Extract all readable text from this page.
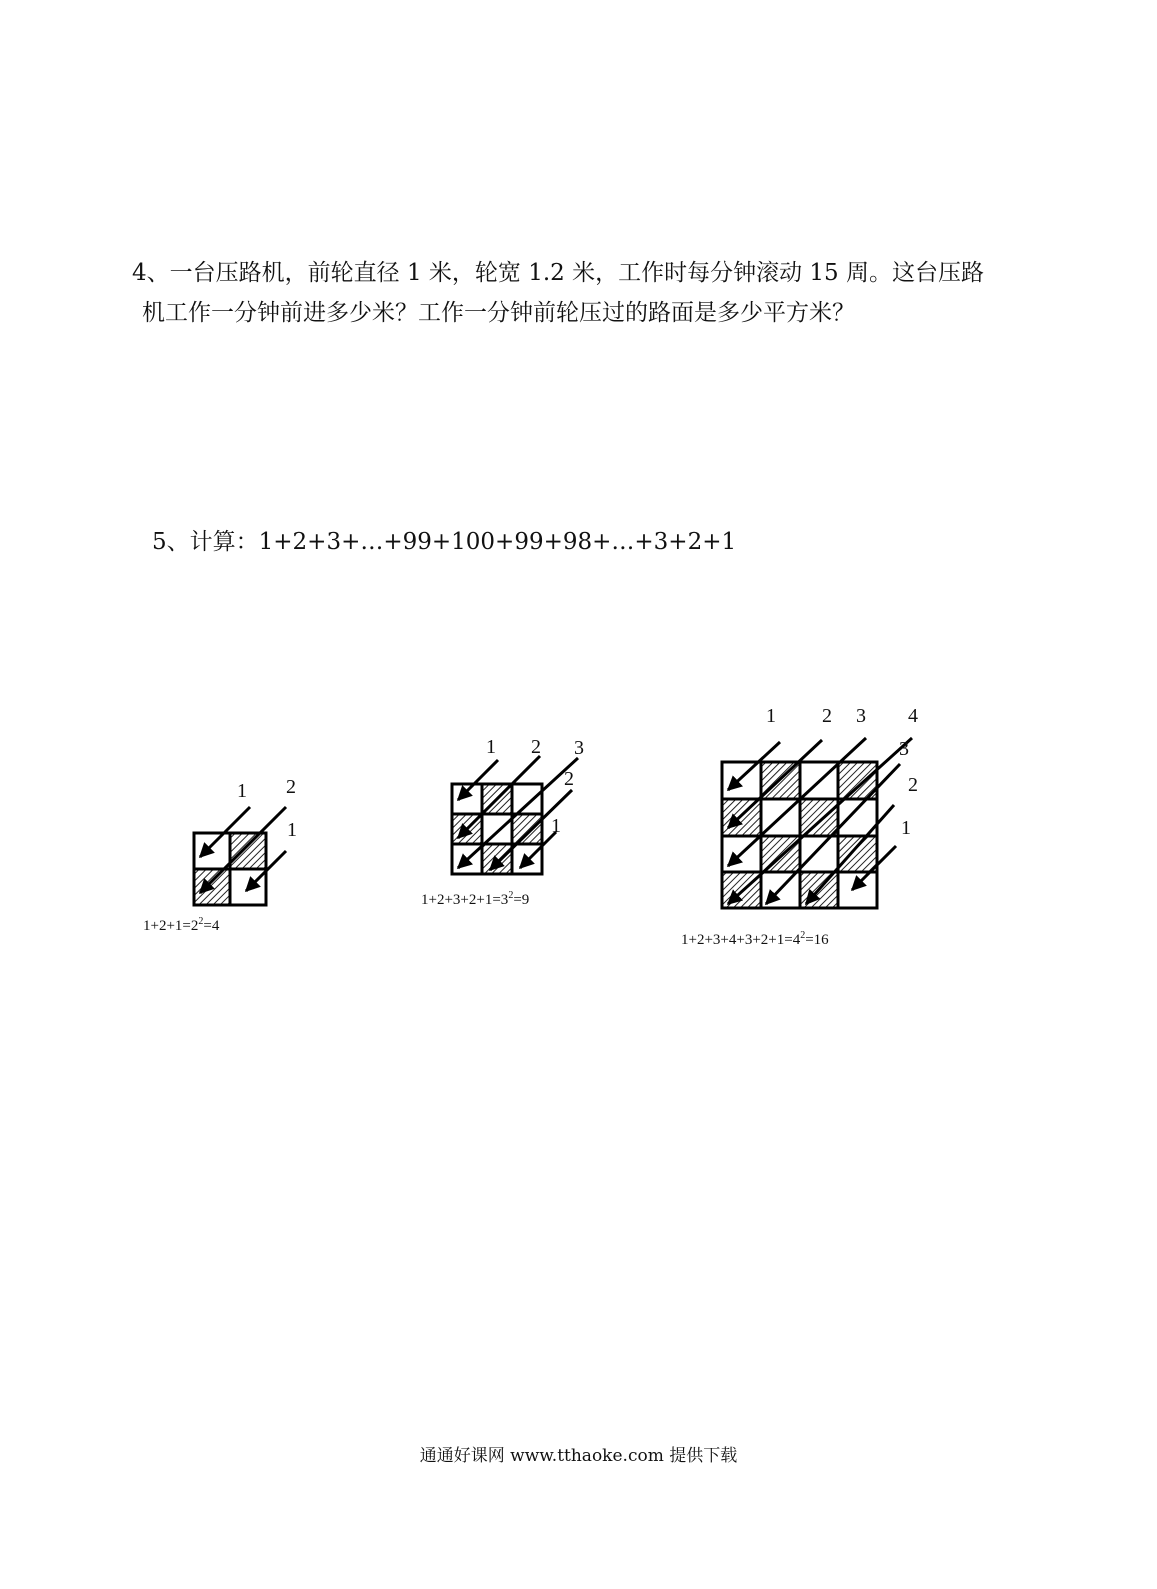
4、一台压路机，前轮直径 1 米，轮宽 1.2 米，工作时每分钟滚动 15 周。这台压路
机工作一分钟前进多少米？工作一分钟前轮压过的路面是多少平方米？
5、计算：1+2+3+…+99+100+99+98+…+3+2+1
1 2
1
1 2 3
2
1
1 2 3 4
3
2
1
$1+2+1=2^2=4$
$1+2+3+2+1=3^2=9$
$1+2+3+4+3+2+1=4^2=16$
通通好课网 www.tthaoke.com 提供下载
